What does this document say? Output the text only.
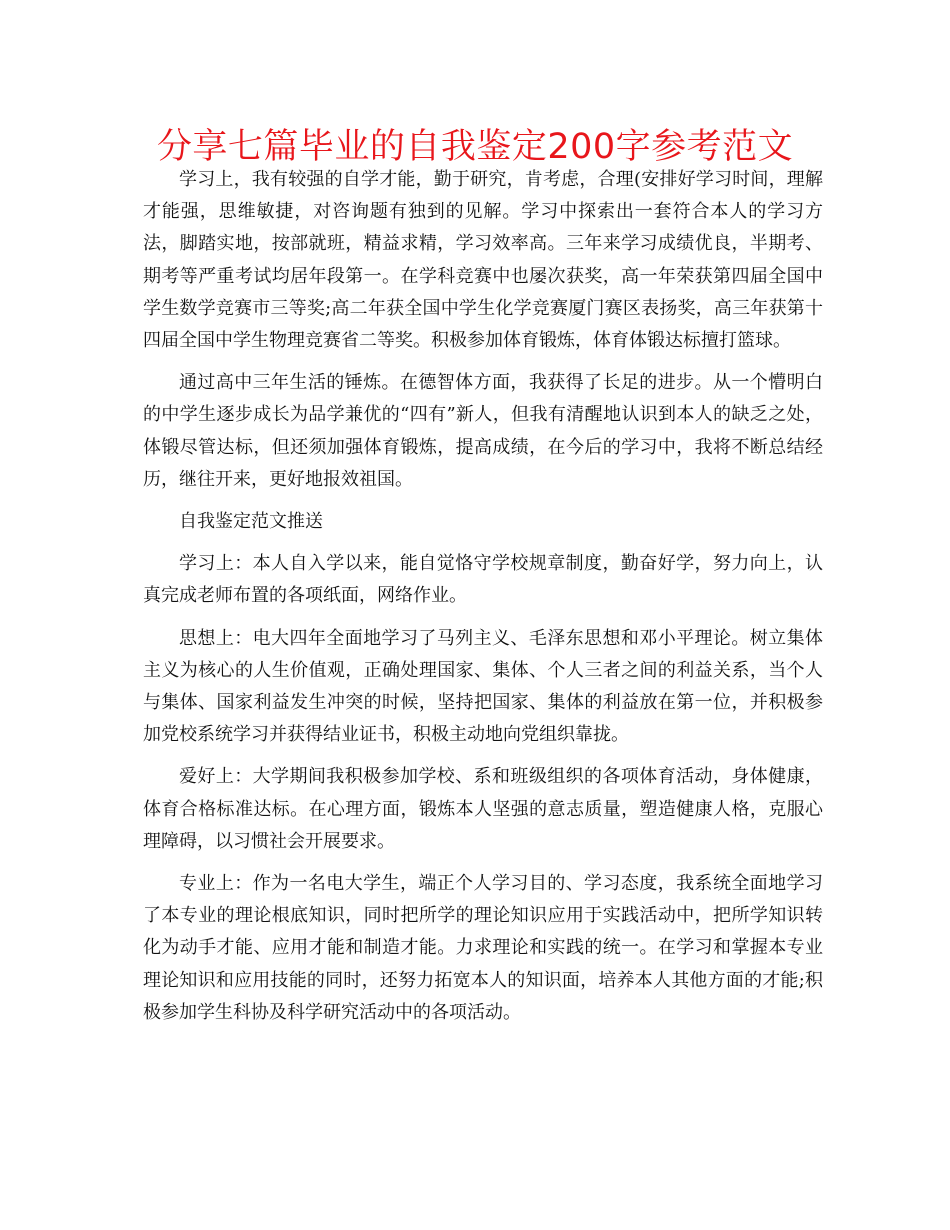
分享七篇毕业的自我鉴定200字参考范文

学习上，我有较强的自学才能，勤于研究，肯考虑，合理(安排好学习时间，理解才能强，思维敏捷，对咨询题有独到的见解。学习中探索出一套符合本人的学习方法，脚踏实地，按部就班，精益求精，学习效率高。三年来学习成绩优良，半期考、期考等严重考试均居年段第一。在学科竞赛中也屡次获奖，高一年荣获第四届全国中学生数学竞赛市三等奖;高二年获全国中学生化学竞赛厦门赛区表扬奖，高三年获第十四届全国中学生物理竞赛省二等奖。积极参加体育锻炼，体育体锻达标擅打篮球。

通过高中三年生活的锤炼。在德智体方面，我获得了长足的进步。从一个懵明白的中学生逐步成长为品学兼优的“四有”新人，但我有清醒地认识到本人的缺乏之处，体锻尽管达标，但还须加强体育锻炼，提高成绩，在今后的学习中，我将不断总结经历，继往开来，更好地报效祖国。

自我鉴定范文推送

学习上：本人自入学以来，能自觉恪守学校规章制度，勤奋好学，努力向上，认真完成老师布置的各项纸面，网络作业。

思想上：电大四年全面地学习了马列主义、毛泽东思想和邓小平理论。树立集体主义为核心的人生价值观，正确处理国家、集体、个人三者之间的利益关系，当个人与集体、国家利益发生冲突的时候，坚持把国家、集体的利益放在第一位，并积极参加党校系统学习并获得结业证书，积极主动地向党组织靠拢。

爱好上：大学期间我积极参加学校、系和班级组织的各项体育活动，身体健康，体育合格标准达标。在心理方面，锻炼本人坚强的意志质量，塑造健康人格，克服心理障碍，以习惯社会开展要求。

专业上：作为一名电大学生，端正个人学习目的、学习态度，我系统全面地学习了本专业的理论根底知识，同时把所学的理论知识应用于实践活动中，把所学知识转化为动手才能、应用才能和制造才能。力求理论和实践的统一。在学习和掌握本专业理论知识和应用技能的同时，还努力拓宽本人的知识面，培养本人其他方面的才能;积极参加学生科协及科学研究活动中的各项活动。
